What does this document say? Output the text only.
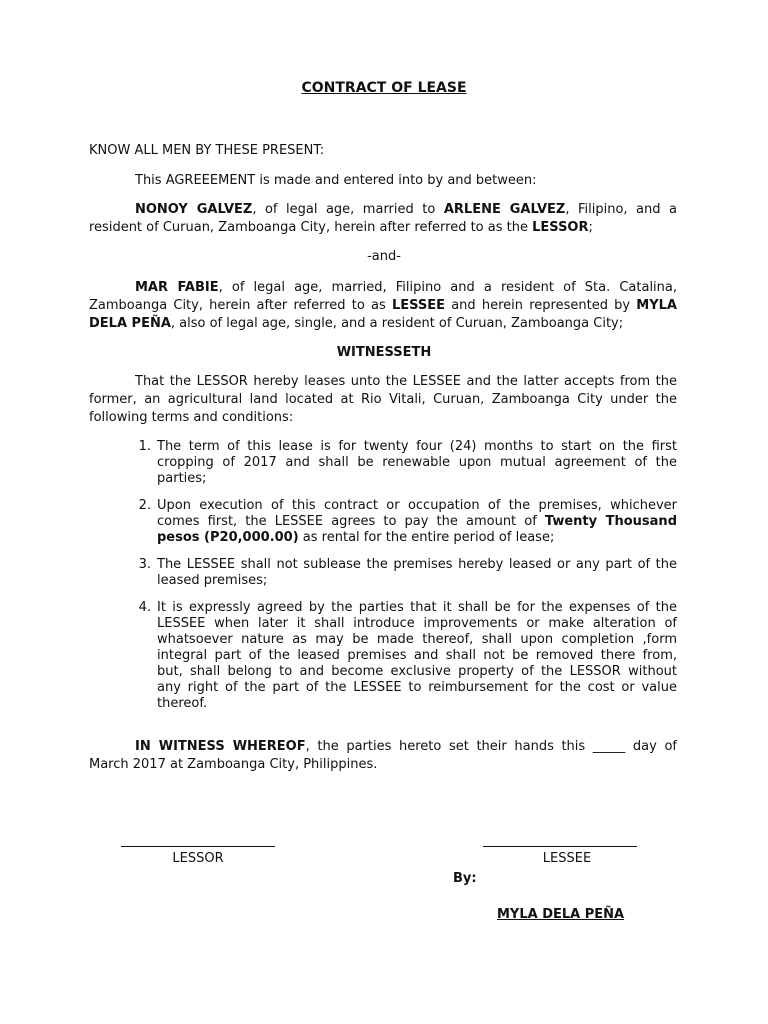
CONTRACT OF LEASE
KNOW ALL MEN BY THESE PRESENT:
This AGREEEMENT is made and entered into by and between:
NONOY GALVEZ, of legal age, married to ARLENE GALVEZ, Filipino, and a
resident of Curuan, Zamboanga City, herein after referred to as the LESSOR;
-and-
MAR FABIE, of legal age, married, Filipino and a resident of Sta. Catalina,
Zamboanga City, herein after referred to as LESSEE and herein represented by MYLA
DELA PEÑA, also of legal age, single, and a resident of Curuan, Zamboanga City;
WITNESSETH
That the LESSOR hereby leases unto the LESSEE and the latter accepts from the
former, an agricultural land located at Rio Vitali, Curuan, Zamboanga City under the
following terms and conditions:
1. The term of this lease is for twenty four (24) months to start on the first
cropping of 2017 and shall be renewable upon mutual agreement of the
parties;
2. Upon execution of this contract or occupation of the premises, whichever
comes first, the LESSEE agrees to pay the amount of Twenty Thousand
pesos (P20,000.00) as rental for the entire period of lease;
3. The LESSEE shall not sublease the premises hereby leased or any part of the
leased premises;
4. It is expressly agreed by the parties that it shall be for the expenses of the
LESSEE when later it shall introduce improvements or make alteration of
whatsoever nature as may be made thereof, shall upon completion ,form
integral part of the leased premises and shall not be removed there from,
but, shall belong to and become exclusive property of the LESSOR without
any right of the part of the LESSEE to reimbursement for the cost or value
thereof.
IN WITNESS WHEREOF, the parties hereto set their hands this _____ day of
March 2017 at Zamboanga City, Philippines.
LESSOR	LESSEE
By:
MYLA DELA PEÑA
